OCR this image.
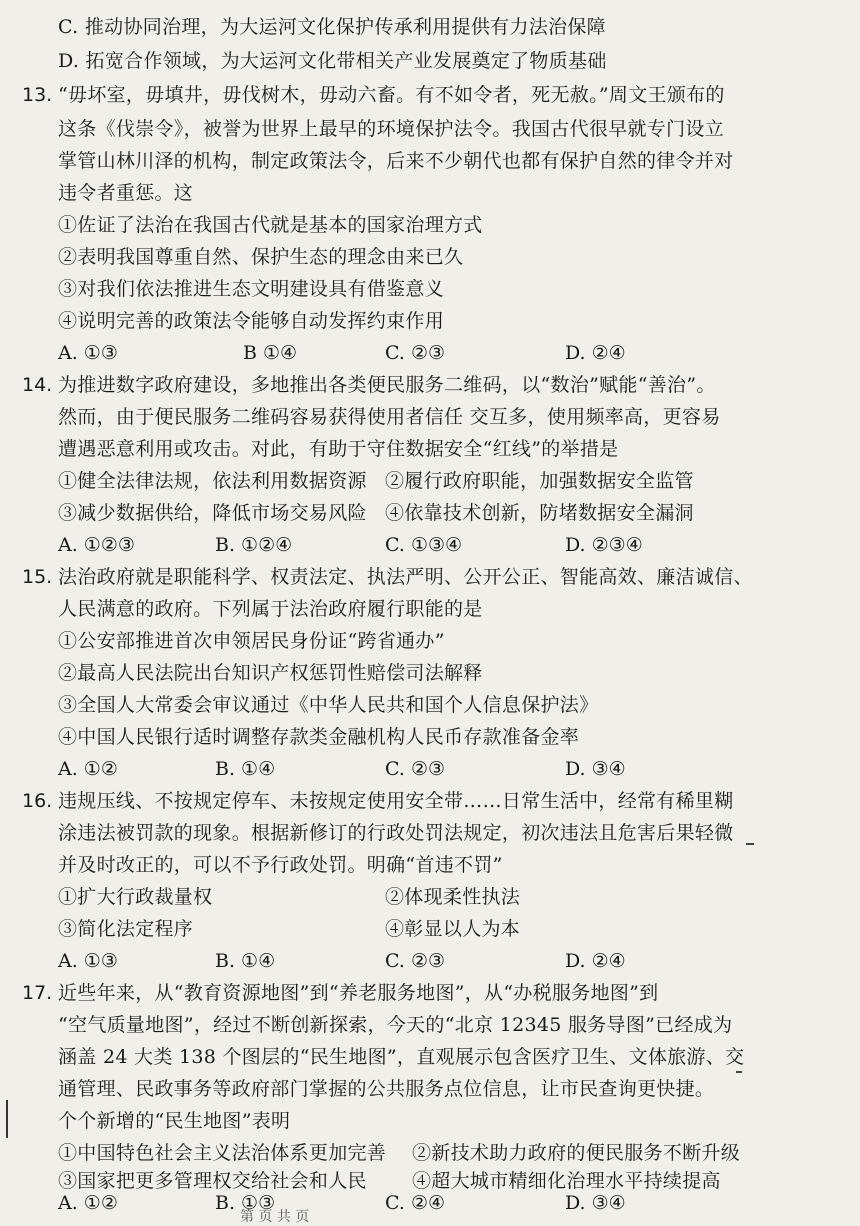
C. 推动协同治理，为大运河文化保护传承利用提供有力法治保障
D. 拓宽合作领域，为大运河文化带相关产业发展奠定了物质基础
13. “毋坏室，毋填井，毋伐树木，毋动六畜。有不如令者，死无赦。”周文王颁布的
这条《伐崇令》，被誉为世界上最早的环境保护法令。我国古代很早就专门设立
掌管山林川泽的机构，制定政策法令，后来不少朝代也都有保护自然的律令并对
违令者重惩。这
①佐证了法治在我国古代就是基本的国家治理方式
②表明我国尊重自然、保护生态的理念由来已久
③对我们依法推进生态文明建设具有借鉴意义
④说明完善的政策法令能够自动发挥约束作用
A. ①③	B ①④	C. ②③	D. ②④
14. 为推进数字政府建设，多地推出各类便民服务二维码，以“数治”赋能“善治”。
然而，由于便民服务二维码容易获得使用者信任 交互多，使用频率高，更容易
遭遇恶意利用或攻击。对此，有助于守住数据安全“红线”的举措是
①健全法律法规，依法利用数据资源 ②履行政府职能，加强数据安全监管
③减少数据供给，降低市场交易风险 ④依靠技术创新，防堵数据安全漏洞
A. ①②③	B. ①②④	C. ①③④	D. ②③④
15. 法治政府就是职能科学、权责法定、执法严明、公开公正、智能高效、廉洁诚信、
人民满意的政府。下列属于法治政府履行职能的是
①公安部推进首次申领居民身份证“跨省通办”
②最高人民法院出台知识产权惩罚性赔偿司法解释
③全国人大常委会审议通过《中华人民共和国个人信息保护法》
④中国人民银行适时调整存款类金融机构人民币存款准备金率
A. ①②	B. ①④	C. ②③	D. ③④
16. 违规压线、不按规定停车、未按规定使用安全带……日常生活中，经常有稀里糊
涂违法被罚款的现象。根据新修订的行政处罚法规定，初次违法且危害后果轻微
并及时改正的，可以不予行政处罚。明确“首违不罚”
①扩大行政裁量权	②体现柔性执法
③简化法定程序	④彰显以人为本
A. ①③	B. ①④	C. ②③	D. ②④
17. 近些年来，从“教育资源地图”到“养老服务地图”，从“办税服务地图”到
“空气质量地图”，经过不断创新探索，今天的“北京 12345 服务导图”已经成为
涵盖 24 大类 138 个图层的“民生地图”，直观展示包含医疗卫生、文体旅游、交
通管理、民政事务等政府部门掌握的公共服务点位信息，让市民查询更快捷。
个个新增的“民生地图”表明
①中国特色社会主义法治体系更加完善 ②新技术助力政府的便民服务不断升级
③国家把更多管理权交给社会和人民 ④超大城市精细化治理水平持续提高
A. ①②	B. ①③	C. ②④	D. ③④
第 页 共 页
